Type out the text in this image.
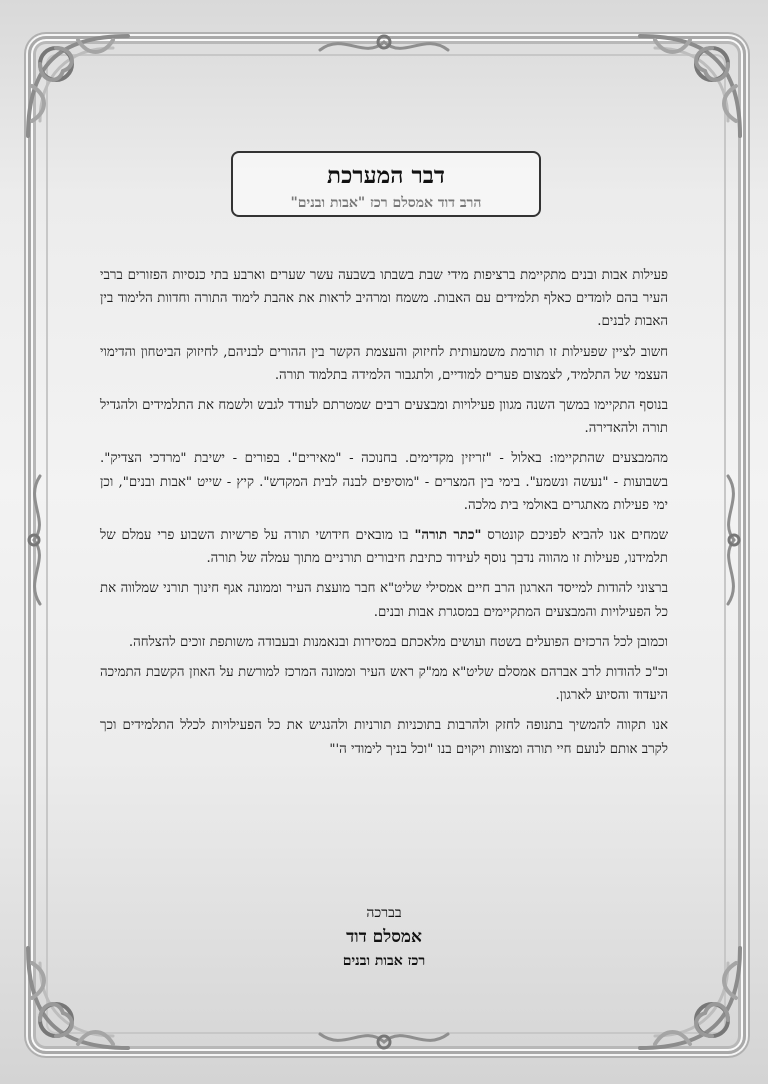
דבר המערכת
הרב דוד אמסלם רכז "אבות ובנים"

פעילות אבות ובנים מתקיימת ברציפות מידי שבת בשבתו בשבעה עשר שערים וארבע בתי כנסיות הפזורים ברבי העיר בהם לומדים כאלף תלמידים עם האבות. משמח ומרהיב לראות את אהבת לימוד התורה וחדוות הלימוד בין האבות לבנים.

חשוב לציין שפעילות זו תורמת משמעותית לחיזוק והעצמת הקשר בין ההורים לבניהם, לחיזוק הביטחון והדימוי העצמי של התלמיד, לצמצום פערים למודיים, ולתגבור הלמידה בתלמוד תורה.

בנוסף התקיימו במשך השנה מגוון פעילויות ומבצעים רבים שמטרתם לעודד לגבש ולשמח את התלמידים ולהגדיל תורה ולהאדירה.

מהמבצעים שהתקיימו: באלול - "זריזין מקדימים. בחנוכה - "מאירים". בפורים - ישיבת "מרדכי הצדיק". בשבועות - "נעשה ונשמע". בימי בין המצרים - "מוסיפים לבנה לבית המקדש". קיץ - שייט "אבות ובנים", וכן ימי פעילות מאתגרים באולמי בית מלכה.

שמחים אנו להביא לפניכם קונטרס "כתר תורה" בו מובאים חידושי תורה על פרשיות השבוע פרי עמלם של תלמידנו, פעילות זו מהווה נדבך נוסף לעידוד כתיבת חיבורים תורניים מתוך עמלה של תורה.

ברצוני להודות למייסד הארגון הרב חיים אמסילי שליט"א חבר מועצת העיר וממונה אגף חינוך תורני שמלווה את כל הפעילויות והמבצעים המתקיימים במסגרת אבות ובנים.

וכמובן לכל הרכזים הפועלים בשטח ועושים מלאכתם במסירות ובנאמנות ובעבודה משותפת זוכים להצלחה.

וכ"כ להודות לרב אברהם אמסלם שליט"א ממ"ק ראש העיר וממונה המרכז למורשת על האוזן הקשבת התמיכה היעדוד והסיוע לארגון.

אנו תקווה להמשיך בתנופה לחזק ולהרבות בתוכניות תורניות ולהנגיש את כל הפעילויות לכלל התלמידים וכך לקרב אותם לנועם חיי תורה ומצוות ויקוים בנו "וכל בניך לימודי ה'"

בברכה
אמסלם דוד
רכז אבות ובנים
